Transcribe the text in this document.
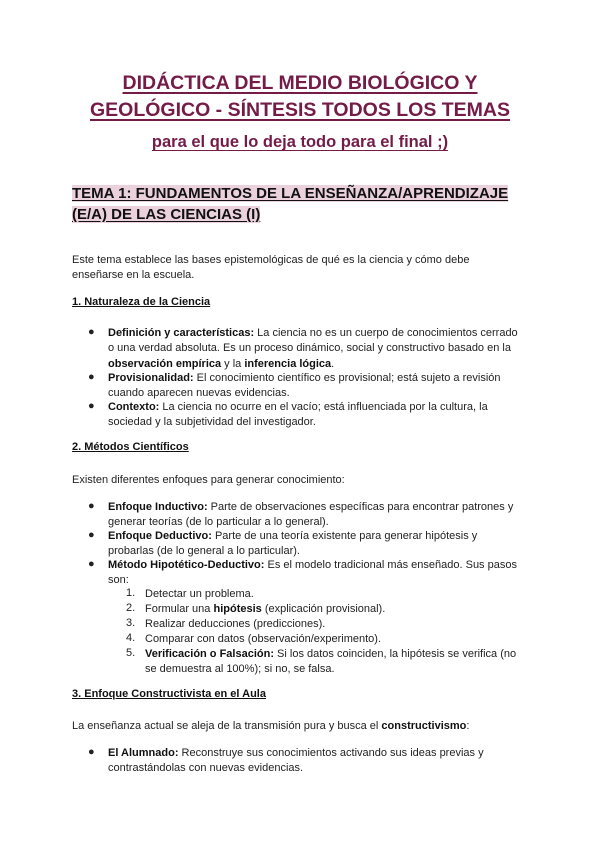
DIDÁCTICA DEL MEDIO BIOLÓGICO Y
GEOLÓGICO - SÍNTESIS TODOS LOS TEMAS
para el que lo deja todo para el final ;)
TEMA 1: FUNDAMENTOS DE LA ENSEÑANZA/APRENDIZAJE
(E/A) DE LAS CIENCIAS (I)
Este tema establece las bases epistemológicas de qué es la ciencia y cómo debe
enseñarse en la escuela.
1. Naturaleza de la Ciencia
● Definición y características: La ciencia no es un cuerpo de conocimientos cerrado
o una verdad absoluta. Es un proceso dinámico, social y constructivo basado en la
observación empírica y la inferencia lógica.
● Provisionalidad: El conocimiento científico es provisional; está sujeto a revisión
cuando aparecen nuevas evidencias.
● Contexto: La ciencia no ocurre en el vacío; está influenciada por la cultura, la
sociedad y la subjetividad del investigador.
2. Métodos Científicos
Existen diferentes enfoques para generar conocimiento:
● Enfoque Inductivo: Parte de observaciones específicas para encontrar patrones y
generar teorías (de lo particular a lo general).
● Enfoque Deductivo: Parte de una teoría existente para generar hipótesis y
probarlas (de lo general a lo particular).
● Método Hipotético-Deductivo: Es el modelo tradicional más enseñado. Sus pasos
son:
1. Detectar un problema.
2. Formular una hipótesis (explicación provisional).
3. Realizar deducciones (predicciones).
4. Comparar con datos (observación/experimento).
5. Verificación o Falsación: Si los datos coinciden, la hipótesis se verifica (no
se demuestra al 100%); si no, se falsa.
3. Enfoque Constructivista en el Aula
La enseñanza actual se aleja de la transmisión pura y busca el constructivismo:
● El Alumnado: Reconstruye sus conocimientos activando sus ideas previas y
contrastándolas con nuevas evidencias.
